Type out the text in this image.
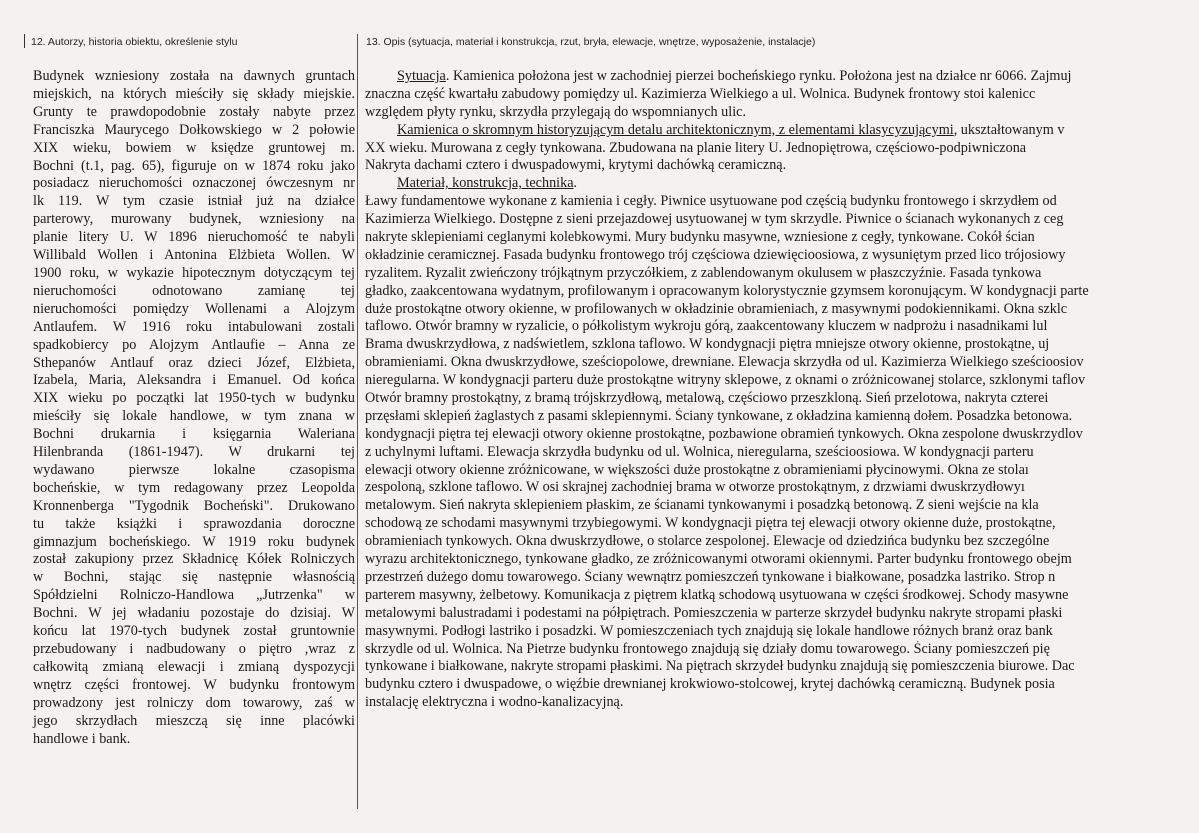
12. Autorzy, historia obiektu, określenie stylu	13. Opis (sytuacja, materiał i konstrukcja, rzut, bryła, elewacje, wnętrze, wyposażenie, instalacje)
Budynek wzniesiony została na dawnych gruntach
miejskich, na których mieściły się składy miejskie.
Grunty te prawdopodobnie zostały nabyte przez
Franciszka Maurycego Dołkowskiego w 2 połowie
XIX wieku, bowiem w księdze gruntowej m.
Bochni (t.1, pag. 65), figuruje on w 1874 roku jako
posiadacz nieruchomości oznaczonej ówczesnym nr
lk 119. W tym czasie istniał już na działce
parterowy, murowany budynek, wzniesiony na
planie litery U. W 1896 nieruchomość te nabyli
Willibald Wollen i Antonina Elżbieta Wollen. W
1900 roku, w wykazie hipotecznym dotyczącym tej
nieruchomości odnotowano zamianę tej
nieruchomości pomiędzy Wollenami a Alojzym
Antlaufem. W 1916 roku intabulowani zostali
spadkobiercy po Alojzym Antlaufie – Anna ze
Sthepanów Antlauf oraz dzieci Józef, Elżbieta,
Izabela, Maria, Aleksandra i Emanuel. Od końca
XIX wieku po początki lat 1950-tych w budynku
mieściły się lokale handlowe, w tym znana w
Bochni drukarnia i księgarnia Waleriana
Hilenbranda (1861-1947). W drukarni tej
wydawano pierwsze lokalne czasopisma
bocheńskie, w tym redagowany przez Leopolda
Kronnenberga "Tygodnik Bocheński". Drukowano
tu także książki i sprawozdania doroczne
gimnazjum bocheńskiego. W 1919 roku budynek
został zakupiony przez Składnicę Kółek Rolniczych
w Bochni, stając się następnie własnością
Spółdzielni Rolniczo-Handlowa „Jutrzenka" w
Bochni. W jej władaniu pozostaje do dzisiaj. W
końcu lat 1970-tych budynek został gruntownie
przebudowany i nadbudowany o piętro ,wraz z
całkowitą zmianą elewacji i zmianą dyspozycji
wnętrz części frontowej. W budynku frontowym
prowadzony jest rolniczy dom towarowy, zaś w
jego skrzydłach mieszczą się inne placówki
handlowe i bank.
Sytuacja. Kamienica położona jest w zachodniej pierzei bocheńskiego rynku. Położona jest na działce nr 6066. Zajmuj
znaczna część kwartału zabudowy pomiędzy ul. Kazimierza Wielkiego a ul. Wolnica. Budynek frontowy stoi kalenicc
względem płyty rynku, skrzydła przylegają do wspomnianych ulic.
Kamienica o skromnym historyzującym detalu architektonicznym, z elementami klasycyzującymi, ukształtowanym v
XX wieku. Murowana z cegły tynkowana. Zbudowana na planie litery U. Jednopiętrowa, częściowo-podpiwniczona
Nakryta dachami czterо i dwuspadowymi, krytymi dachówką ceramiczną.
Materiał, konstrukcja, technika.
Ławy fundamentowe wykonane z kamienia i cegły. Piwnice usytuowane pod częścią budynku frontowego i skrzydłem od
Kazimierza Wielkiego. Dostępne z sieni przejazdowej usytuowanej w tym skrzydle. Piwnice o ścianach wykonanych z ceg
nakryte sklepieniami ceglanymi kolebkowymi. Mury budynku masywne, wzniesione z cegły, tynkowane. Cokół ścian
okładzinie ceramicznej. Fasada budynku frontowego trój częściowa dziewięcioosiowa, z wysuniętym przed lico trójosiowy
ryzalitem. Ryzalit zwieńczony trójkątnym przyczółkiem, z zablendowanym okulusem w płaszczyźnie. Fasada tynkowa
gładko, zaakcentowana wydatnym, profilowanym i opracowanym kolorystycznie gzymsem koronującym. W kondygnacji parte
duże prostokątne otwory okienne, w profilowanych w okładzinie obramieniach, z masywnymi podokiennikami. Okna szklc
taflowo. Otwór bramny w ryzalicie, o półkolistym wykroju górą, zaakcentowany kluczem w nadprożu i nasadnikami lul
Brama dwuskrzydłowa, z nadświetlem, szklona taflowo. W kondygnacji piętra mniejsze otwory okienne, prostokątne, uj
obramieniami. Okna dwuskrzydłowe, sześciopolowe, drewniane. Elewacja skrzydła od ul. Kazimierza Wielkiego sześcioosiov
nieregularna. W kondygnacji parteru duże prostokątne witryny sklepowe, z oknami o zróżnicowanej stolarce, szklonymi taflov
Otwór bramny prostokątny, z bramą trójskrzydłową, metalową, częściowo przeszkloną. Sień przelotowa, nakryta czterei
przęsłami sklepień żaglastych z pasami sklepiennymi. Ściany tynkowane, z okładzina kamienną dołem. Posadzka betonowa.
kondygnacji piętra tej elewacji otwory okienne prostokątne, pozbawione obramień tynkowych. Okna zespolone dwuskrzydlov
z uchylnymi luftami. Elewacja skrzydła budynku od ul. Wolnica, nieregularna, sześcioosiowa. W kondygnacji parteru
elewacji otwory okienne zróżnicowane, w większości duże prostokątne z obramieniami płycinowymi. Okna ze stolaı
zespoloną, szklone taflowo. W osi skrajnej zachodniej brama w otworze prostokątnym, z drzwiami dwuskrzydłowyı
metalowym. Sień nakryta sklepieniem płaskim, ze ścianami tynkowanymi i posadzką betonową. Z sieni wejście na kla
schodową ze schodami masywnymi trzybiegowymi. W kondygnacji piętra tej elewacji otwory okienne duże, prostokątne,
obramieniach tynkowych. Okna dwuskrzydłowe, o stolarce zespolonej. Elewacje od dziedzińca budynku bez szczególne
wyrazu architektonicznego, tynkowane gładko, ze zróżnicowanymi otworami okiennymi. Parter budynku frontowego obejm
przestrzeń dużego domu towarowego. Ściany wewnątrz pomieszczeń tynkowane i białkowane, posadzka lastriko. Strop n
parterem masywny, żelbetowy. Komunikacja z piętrem klatką schodową usytuowana w części środkowej. Schody masywne
metalowymi balustradami i podestami na półpiętrach. Pomieszczenia w parterze skrzydeł budynku nakryte stropami płaski
masywnymi. Podłogi lastriko i posadzki. W pomieszczeniach tych znajdują się lokale handlowe różnych branż oraz bank
skrzydle od ul. Wolnica. Na Pietrze budynku frontowego znajdują się działy domu towarowego. Ściany pomieszczeń pię
tynkowane i białkowane, nakryte stropami płaskimi. Na piętrach skrzydeł budynku znajdują się pomieszczenia biurowe. Dac
budynku cztero i dwuspadowe, o więźbie drewnianej krokwiowo-stolcowej, krytej dachówką ceramiczną. Budynek posia
instalację elektryczna i wodno-kanalizacyjną.
